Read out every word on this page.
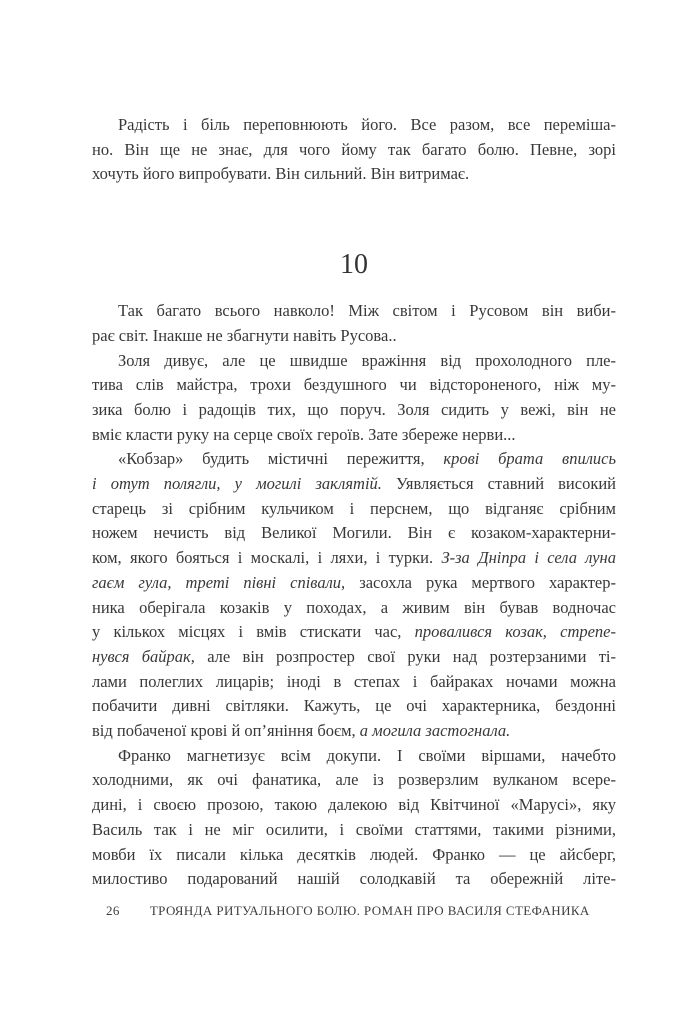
Радість і біль переповнюють його. Все разом, все переміша-
но. Він ще не знає, для чого йому так багато болю. Певне, зорі
хочуть його випробувати. Він сильний. Він витримає.
10
Так багато всього навколо! Між світом і Русовом він виби-
рає світ. Інакше не збагнути навіть Русова..
Золя дивує, але це швидше вражіння від прохолодного пле-
тива слів майстра, трохи бездушного чи відстороненого, ніж му-
зика болю і радощів тих, що поруч. Золя сидить у вежі, він не
вміє класти руку на серце своїх героїв. Зате збереже нерви...
«Кобзар» будить містичні пережиття, крові брата впились
і отут полягли, у могилі заклятій. Уявляється ставний високий
старець зі срібним кульчиком і перснем, що відганяє срібним
ножем нечисть від Великої Могили. Він є козаком-характерни-
ком, якого бояться і москалі, і ляхи, і турки. З-за Дніпра і села луна
гаєм гула, треті півні співали, засохла рука мертвого характер-
ника оберігала козаків у походах, а живим він бував водночас
у кількох місцях і вмів стискати час, провалився козак, стрепе-
нувся байрак, але він розпростер свої руки над розтерзаними ті-
лами полеглих лицарів; іноді в степах і байраках ночами можна
побачити дивні світляки. Кажуть, це очі характерника, бездонні
від побаченої крові й оп’яніння боєм, а могила застогнала.
Франко магнетизує всім докупи. І своїми віршами, начебто
холодними, як очі фанатика, але із розверзлим вулканом всере-
дині, і своєю прозою, такою далекою від Квітчиної «Марусі», яку
Василь так і не міг осилити, і своїми статтями, такими різними,
мовби їх писали кілька десятків людей. Франко — це айсберг,
милостиво подарований нашій солодкавій та обережній літе-
26 ТРОЯНДА РИТУАЛЬНОГО БОЛЮ. РОМАН ПРО ВАСИЛЯ СТЕФАНИКА
